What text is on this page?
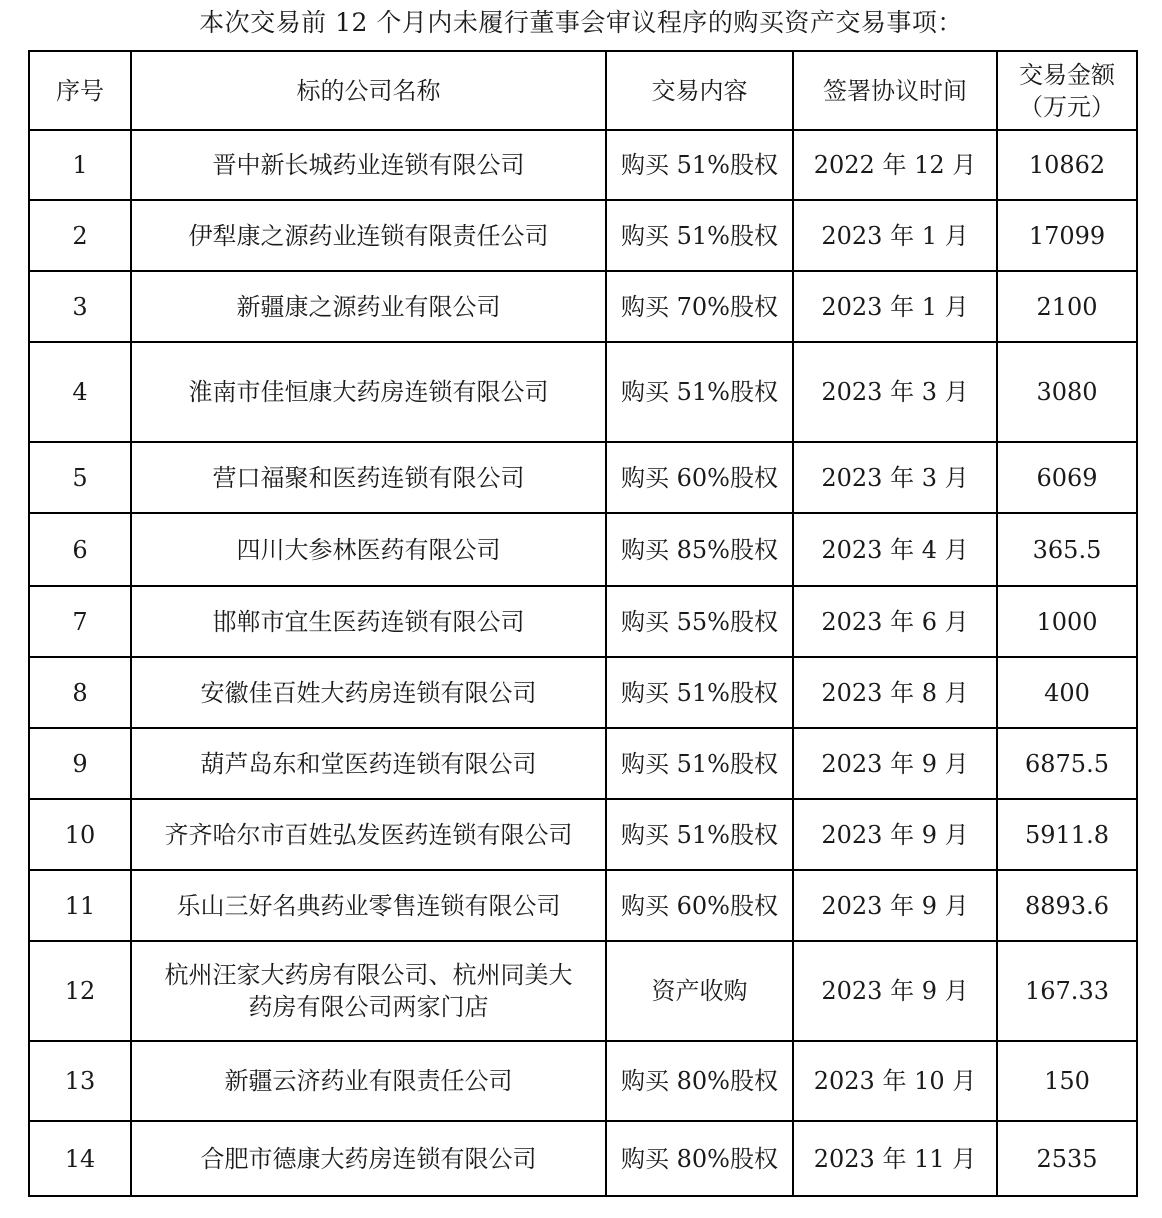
本次交易前 12 个月内未履行董事会审议程序的购买资产交易事项：
序号	标的公司名称	交易内容	签署协议时间	交易金额
（万元）

1	晋中新长城药业连锁有限公司	购买 51%股权	2022 年 12 月	10862
2	伊犁康之源药业连锁有限责任公司	购买 51%股权	2023 年 1 月	17099
3	新疆康之源药业有限公司	购买 70%股权	2023 年 1 月	2100
4	淮南市佳恒康大药房连锁有限公司	购买 51%股权	2023 年 3 月	3080
5	营口福聚和医药连锁有限公司	购买 60%股权	2023 年 3 月	6069
6	四川大参林医药有限公司	购买 85%股权	2023 年 4 月	365.5
7	邯郸市宜生医药连锁有限公司	购买 55%股权	2023 年 6 月	1000
8	安徽佳百姓大药房连锁有限公司	购买 51%股权	2023 年 8 月	400
9	葫芦岛东和堂医药连锁有限公司	购买 51%股权	2023 年 9 月	6875.5
10	齐齐哈尔市百姓弘发医药连锁有限公司	购买 51%股权	2023 年 9 月	5911.8
11	乐山三好名典药业零售连锁有限公司	购买 60%股权	2023 年 9 月	8893.6
12	杭州汪家大药房有限公司、杭州同美大
药房有限公司两家门店	资产收购	2023 年 9 月	167.33
13	新疆云济药业有限责任公司	购买 80%股权	2023 年 10 月	150
14	合肥市德康大药房连锁有限公司	购买 80%股权	2023 年 11 月	2535
